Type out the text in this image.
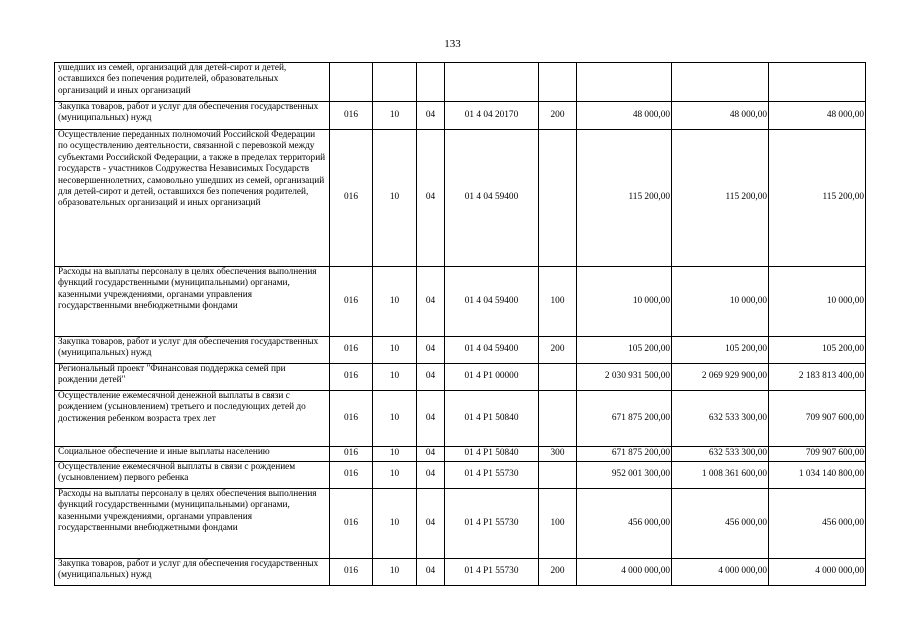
133
ушедших из семей, организаций для детей-сирот и детей, оставшихся без попечения родителей, образовательных организаций и иных организаций								
Закупка товаров, работ и услуг для обеспечения государственных (муниципальных) нужд	016	10	04	01 4 04 20170	200	48 000,00	48 000,00	48 000,00
Осуществление переданных полномочий Российской Федерации по осуществлению деятельности, связанной с перевозкой между субъектами Российской Федерации, а также в пределах территорий государств - участников Содружества Независимых Государств несовершеннолетних, самовольно ушедших из семей, организаций для детей-сирот и детей, оставшихся без попечения родителей, образовательных организаций и иных организаций	016	10	04	01 4 04 59400		115 200,00	115 200,00	115 200,00
Расходы на выплаты персоналу в целях обеспечения выполнения функций государственными (муниципальными) органами, казенными учреждениями, органами управления государственными внебюджетными фондами	016	10	04	01 4 04 59400	100	10 000,00	10 000,00	10 000,00
Закупка товаров, работ и услуг для обеспечения государственных (муниципальных) нужд	016	10	04	01 4 04 59400	200	105 200,00	105 200,00	105 200,00
Региональный проект "Финансовая поддержка семей при рождении детей"	016	10	04	01 4 P1 00000		2 030 931 500,00	2 069 929 900,00	2 183 813 400,00
Осуществление ежемесячной денежной выплаты в связи с рождением (усыновлением) третьего и последующих детей до достижения ребенком возраста трех лет	016	10	04	01 4 P1 50840		671 875 200,00	632 533 300,00	709 907 600,00
Социальное обеспечение и иные выплаты населению	016	10	04	01 4 P1 50840	300	671 875 200,00	632 533 300,00	709 907 600,00
Осуществление ежемесячной выплаты в связи с рождением (усыновлением) первого ребенка	016	10	04	01 4 P1 55730		952 001 300,00	1 008 361 600,00	1 034 140 800,00
Расходы на выплаты персоналу в целях обеспечения выполнения функций государственными (муниципальными) органами, казенными учреждениями, органами управления государственными внебюджетными фондами	016	10	04	01 4 P1 55730	100	456 000,00	456 000,00	456 000,00
Закупка товаров, работ и услуг для обеспечения государственных (муниципальных) нужд	016	10	04	01 4 P1 55730	200	4 000 000,00	4 000 000,00	4 000 000,00
